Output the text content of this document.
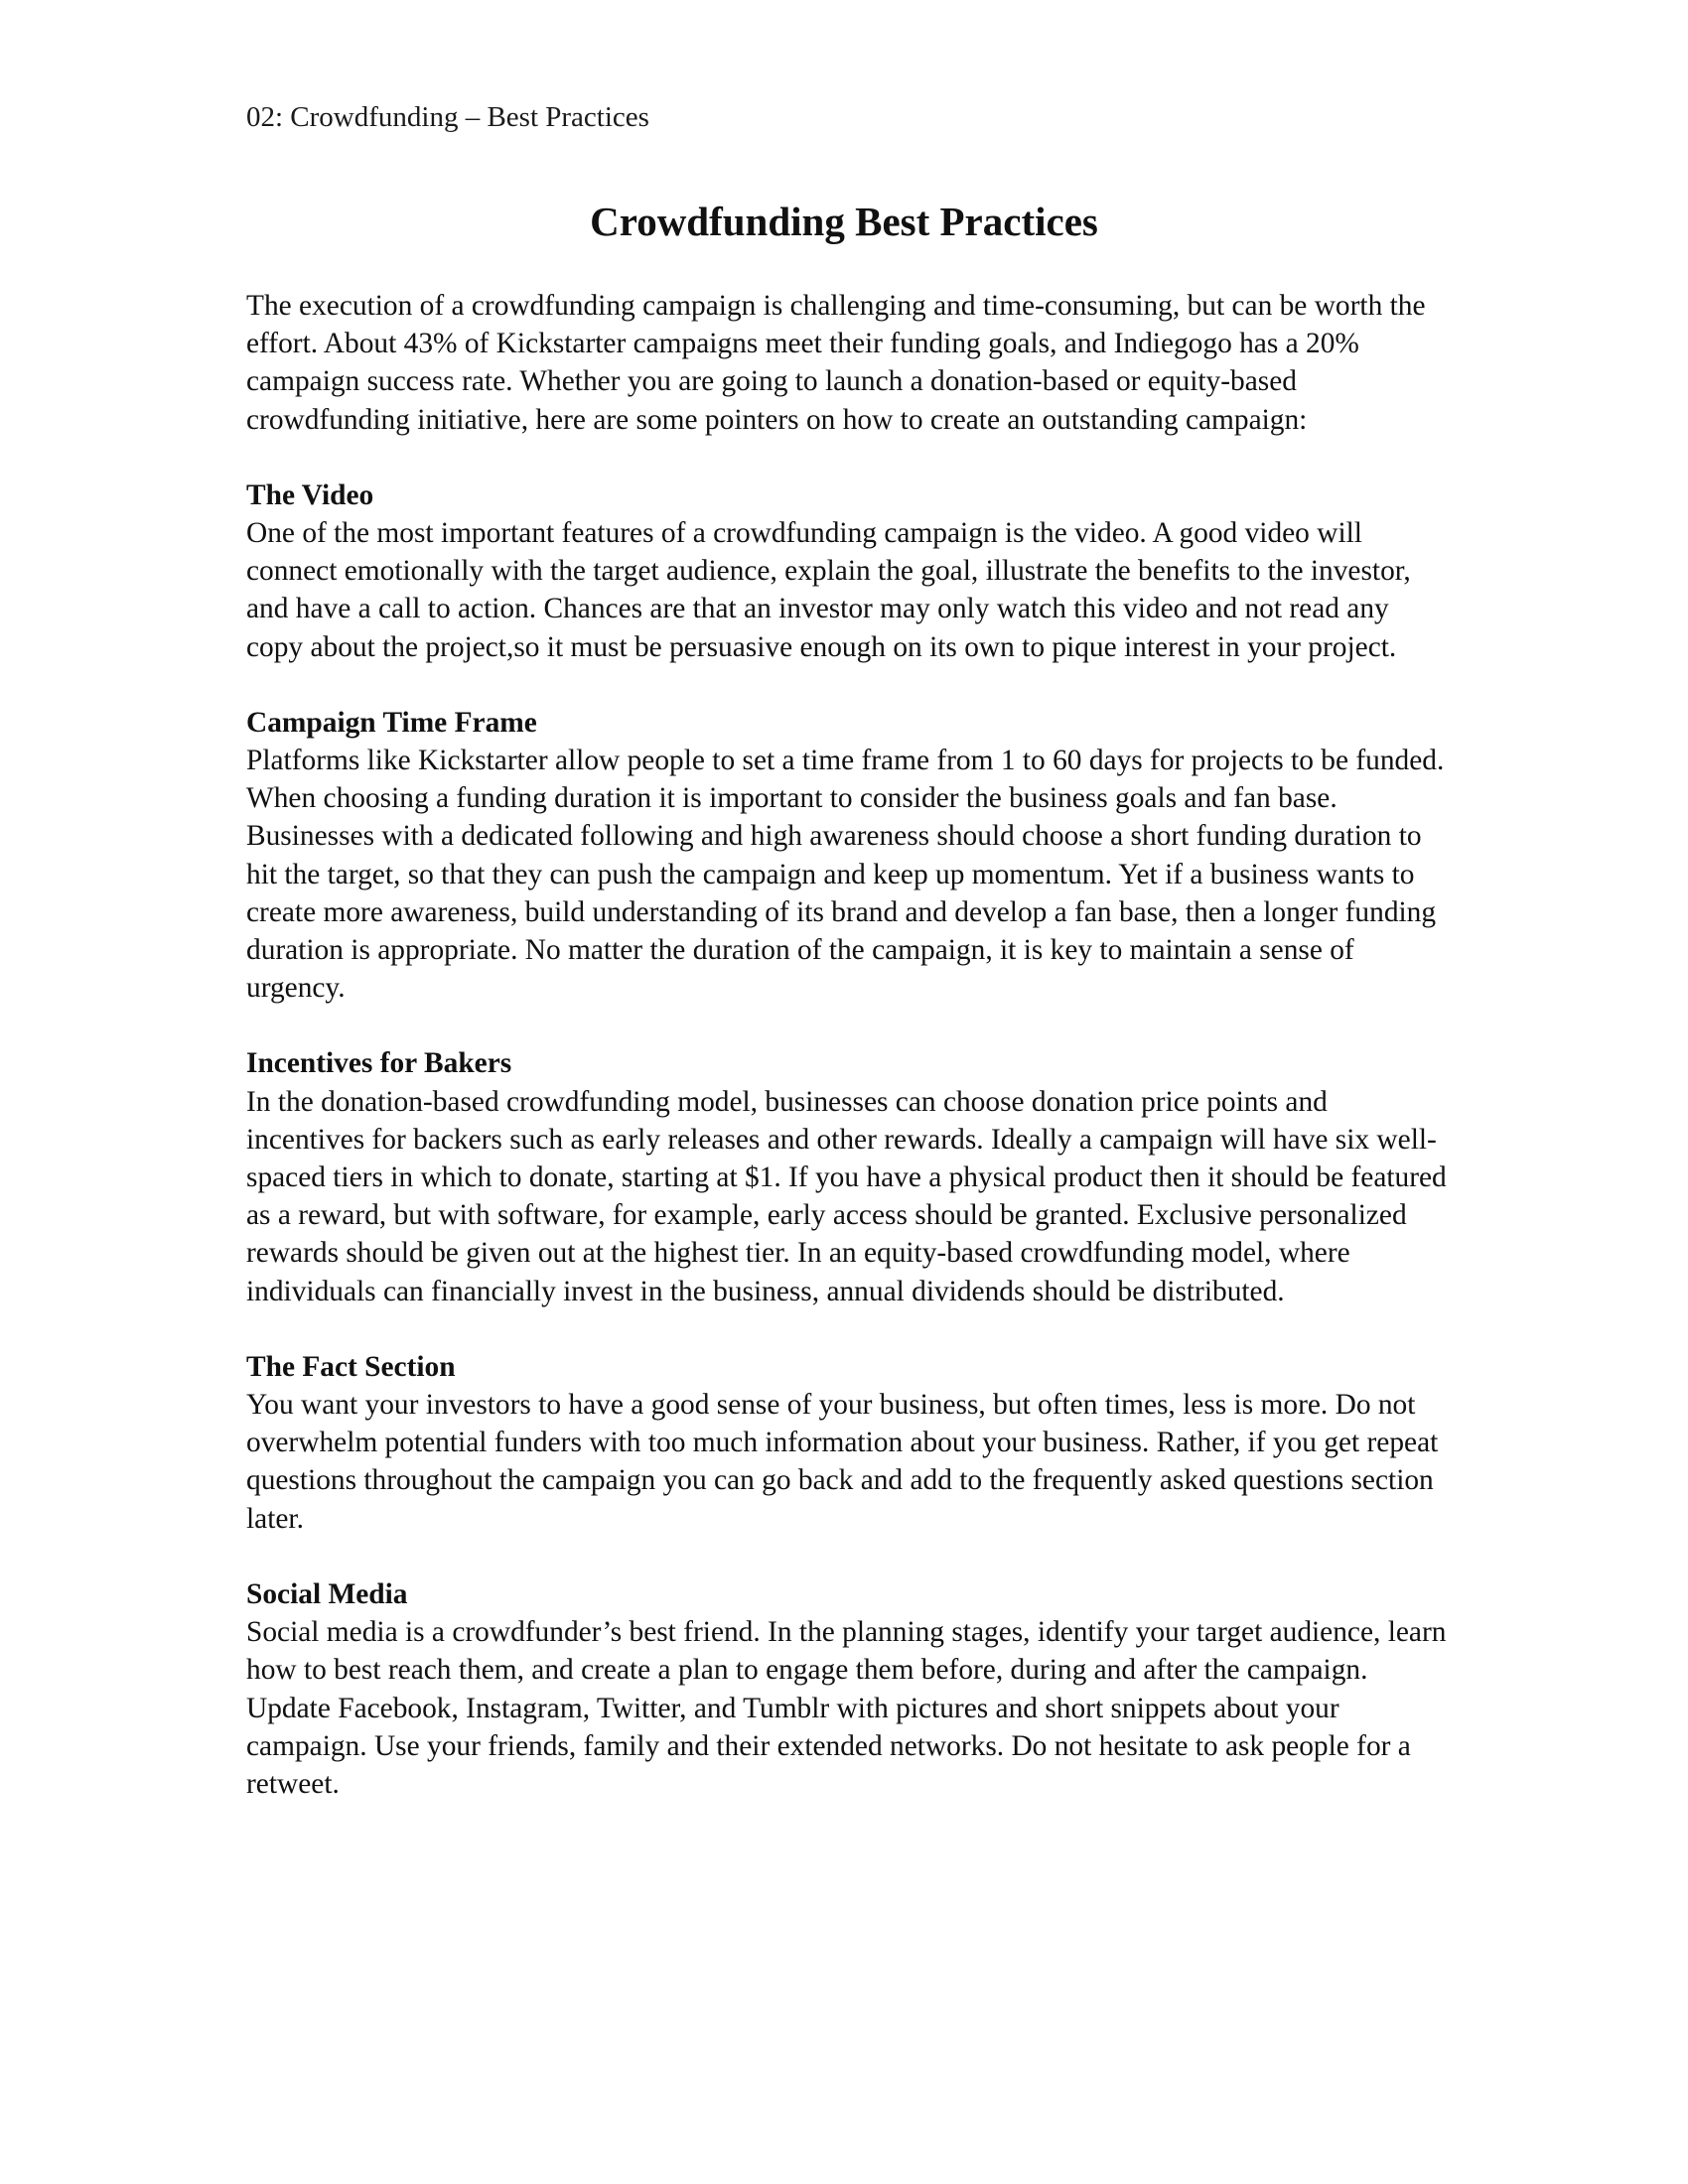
02: Crowdfunding – Best Practices
Crowdfunding Best Practices

The execution of a crowdfunding campaign is challenging and time-consuming, but can be worth the effort. About 43% of Kickstarter campaigns meet their funding goals, and Indiegogo has a 20% campaign success rate. Whether you are going to launch a donation-based or equity-based crowdfunding initiative, here are some pointers on how to create an outstanding campaign:

The Video

One of the most important features of a crowdfunding campaign is the video. A good video will connect emotionally with the target audience, explain the goal, illustrate the benefits to the investor, and have a call to action. Chances are that an investor may only watch this video and not read any copy about the project,so it must be persuasive enough on its own to pique interest in your project.

Campaign Time Frame

Platforms like Kickstarter allow people to set a time frame from 1 to 60 days for projects to be funded. When choosing a funding duration it is important to consider the business goals and fan base. Businesses with a dedicated following and high awareness should choose a short funding duration to hit the target, so that they can push the campaign and keep up momentum. Yet if a business wants to create more awareness, build understanding of its brand and develop a fan base, then a longer funding duration is appropriate. No matter the duration of the campaign, it is key to maintain a sense of urgency.

Incentives for Bakers

In the donation-based crowdfunding model, businesses can choose donation price points and incentives for backers such as early releases and other rewards. Ideally a campaign will have six well-spaced tiers in which to donate, starting at $1. If you have a physical product then it should be featured as a reward, but with software, for example, early access should be granted. Exclusive personalized rewards should be given out at the highest tier. In an equity-based crowdfunding model, where individuals can financially invest in the business, annual dividends should be distributed.

The Fact Section

You want your investors to have a good sense of your business, but often times, less is more. Do not overwhelm potential funders with too much information about your business. Rather, if you get repeat questions throughout the campaign you can go back and add to the frequently asked questions section later.

Social Media

Social media is a crowdfunder’s best friend. In the planning stages, identify your target audience, learn how to best reach them, and create a plan to engage them before, during and after the campaign. Update Facebook, Instagram, Twitter, and Tumblr with pictures and short snippets about your campaign. Use your friends, family and their extended networks. Do not hesitate to ask people for a retweet.
